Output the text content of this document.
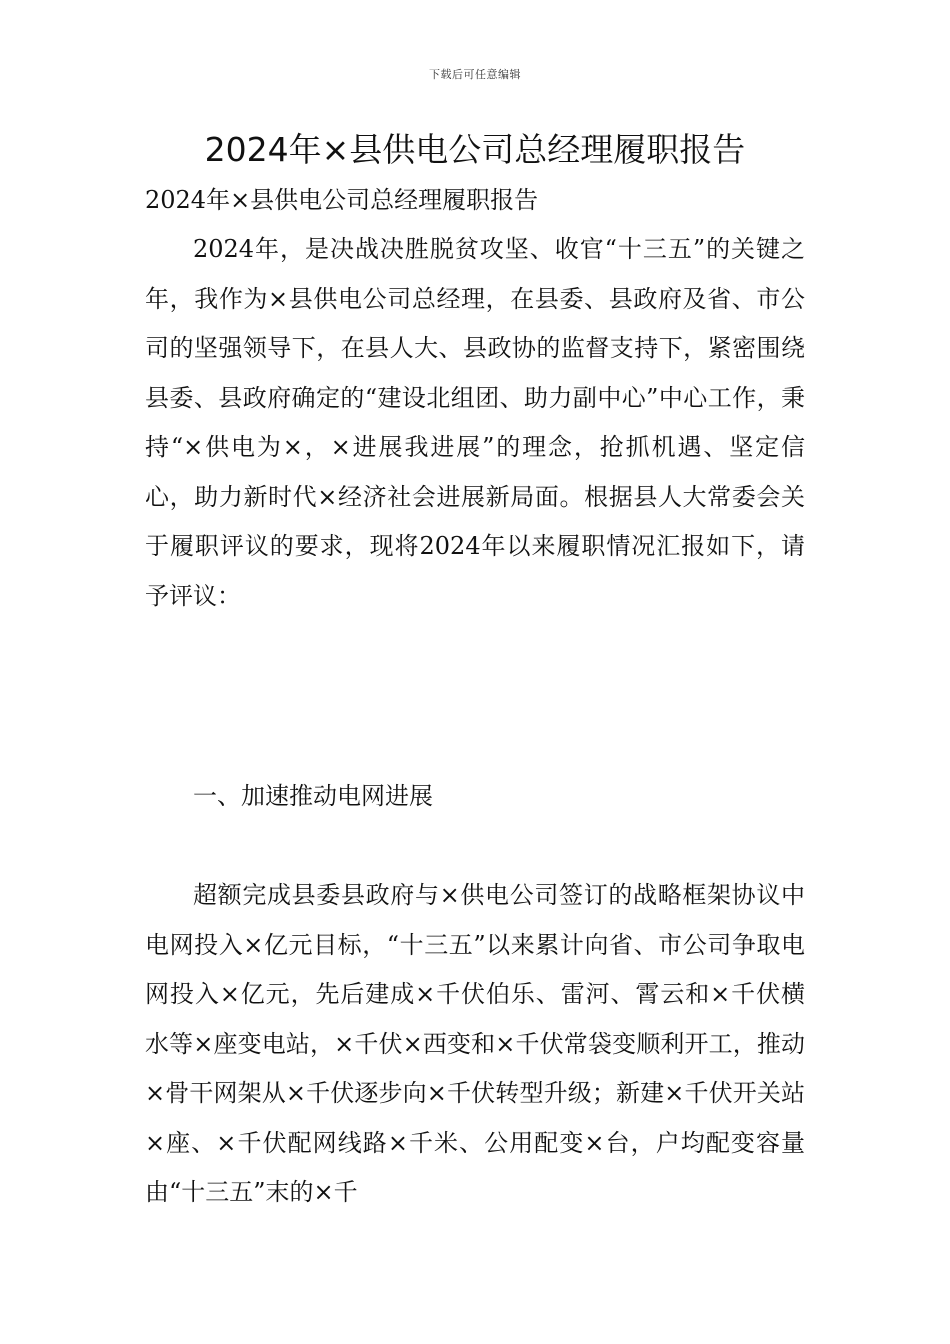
下载后可任意编辑
2024年×县供电公司总经理履职报告

2024年×县供电公司总经理履职报告

2024年，是决战决胜脱贫攻坚、收官“十三五”的关键之年，我作为×县供电公司总经理，在县委、县政府及省、市公司的坚强领导下，在县人大、县政协的监督支持下，紧密围绕县委、县政府确定的“建设北组团、助力副中心”中心工作，秉持“×供电为×，×进展我进展”的理念，抢抓机遇、坚定信心，助力新时代×经济社会进展新局面。根据县人大常委会关于履职评议的要求，现将2024年以来履职情况汇报如下，请予评议：

一、加速推动电网进展

超额完成县委县政府与×供电公司签订的战略框架协议中电网投入×亿元目标，“十三五”以来累计向省、市公司争取电网投入×亿元，先后建成×千伏伯乐、雷河、霄云和×千伏横水等×座变电站，×千伏×西变和×千伏常袋变顺利开工，推动×骨干网架从×千伏逐步向×千伏转型升级；新建×千伏开关站×座、×千伏配网线路×千米、公用配变×台，户均配变容量由“十三五”末的×千
